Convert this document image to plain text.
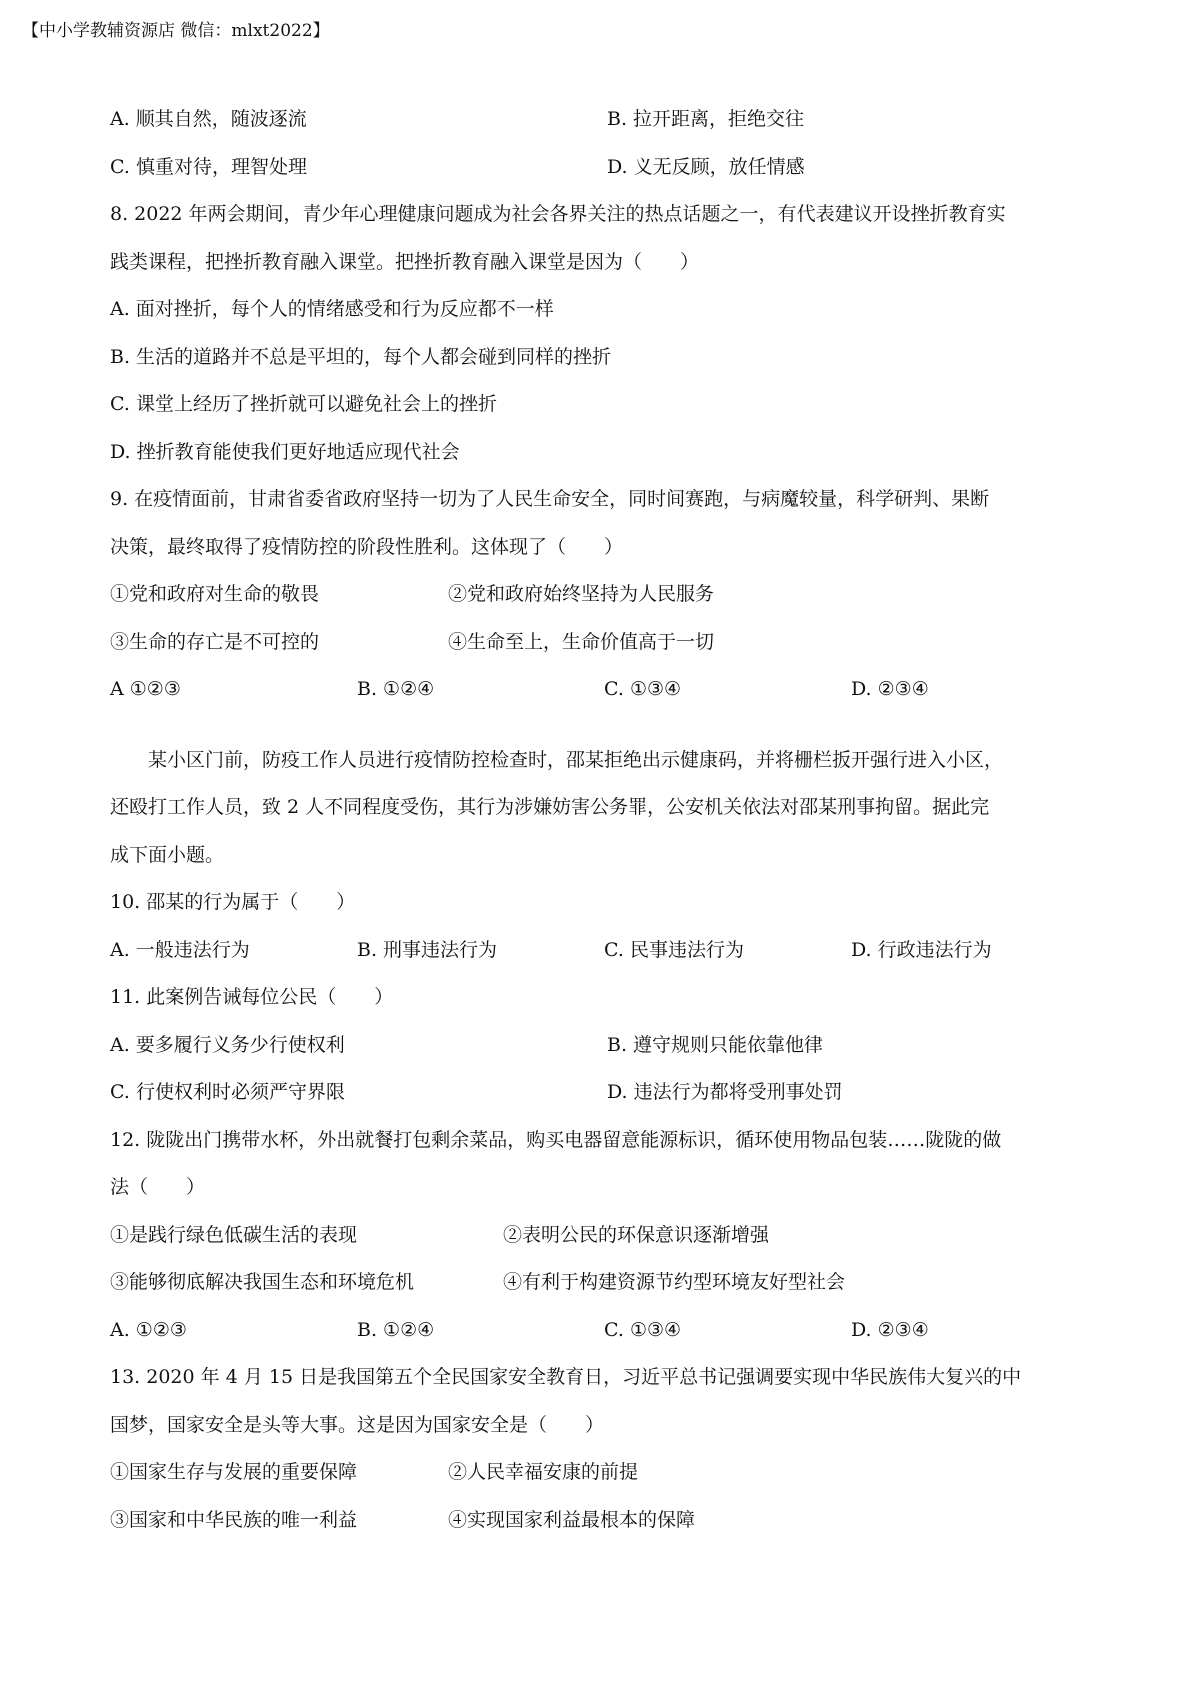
【中小学教辅资源店 微信：mlxt2022】
A. 顺其自然，随波逐流	B. 拉开距离，拒绝交往
C. 慎重对待，理智处理	D. 义无反顾，放任情感
8. 2022 年两会期间，青少年心理健康问题成为社会各界关注的热点话题之一，有代表建议开设挫折教育实
践类课程，把挫折教育融入课堂。把挫折教育融入课堂是因为（　　）
A. 面对挫折，每个人的情绪感受和行为反应都不一样
B. 生活的道路并不总是平坦的，每个人都会碰到同样的挫折
C. 课堂上经历了挫折就可以避免社会上的挫折
D. 挫折教育能使我们更好地适应现代社会
9. 在疫情面前，甘肃省委省政府坚持一切为了人民生命安全，同时间赛跑，与病魔较量，科学研判、果断
决策，最终取得了疫情防控的阶段性胜利。这体现了（　　）
①党和政府对生命的敬畏	②党和政府始终坚持为人民服务
③生命的存亡是不可控的	④生命至上，生命价值高于一切
A ①②③	B. ①②④	C. ①③④	D. ②③④
某小区门前，防疫工作人员进行疫情防控检查时，邵某拒绝出示健康码，并将栅栏扳开强行进入小区，
还殴打工作人员，致 2 人不同程度受伤，其行为涉嫌妨害公务罪，公安机关依法对邵某刑事拘留。据此完
成下面小题。
10. 邵某的行为属于（　　）
A. 一般违法行为	B. 刑事违法行为	C. 民事违法行为	D. 行政违法行为
11. 此案例告诫每位公民（　　）
A. 要多履行义务少行使权利	B. 遵守规则只能依靠他律
C. 行使权利时必须严守界限	D. 违法行为都将受刑事处罚
12. 陇陇出门携带水杯，外出就餐打包剩余菜品，购买电器留意能源标识，循环使用物品包装……陇陇的做
法（　　）
①是践行绿色低碳生活的表现	②表明公民的环保意识逐渐增强
③能够彻底解决我国生态和环境危机	④有利于构建资源节约型环境友好型社会
A. ①②③	B. ①②④	C. ①③④	D. ②③④
13. 2020 年 4 月 15 日是我国第五个全民国家安全教育日，习近平总书记强调要实现中华民族伟大复兴的中
国梦，国家安全是头等大事。这是因为国家安全是（　　）
①国家生存与发展的重要保障	②人民幸福安康的前提
③国家和中华民族的唯一利益	④实现国家利益最根本的保障
